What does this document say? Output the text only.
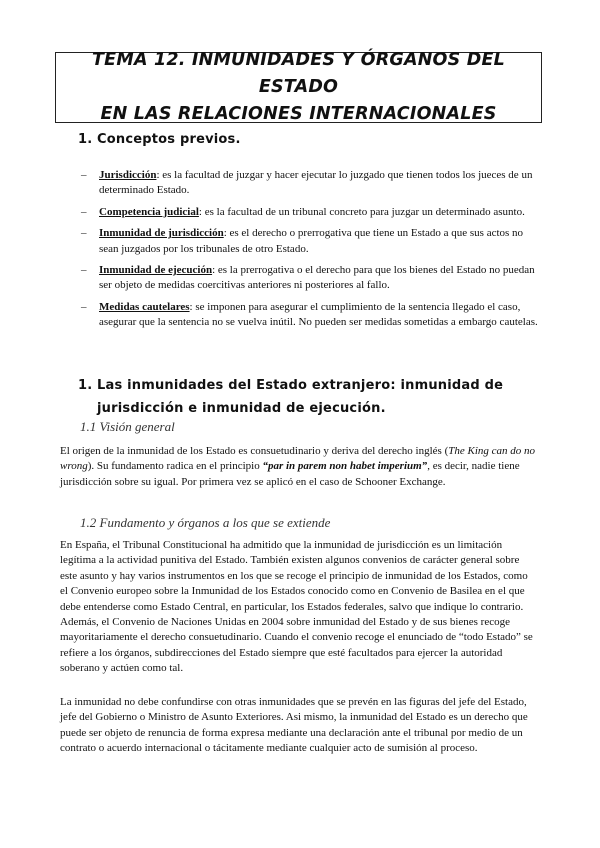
TEMA 12. INMUNIDADES Y ÓRGANOS DEL ESTADO
EN LAS RELACIONES INTERNACIONALES
1. Conceptos previos.
– Jurisdicción: es la facultad de juzgar y hacer ejecutar lo juzgado que tienen todos los jueces de un determinado Estado.
– Competencia judicial: es la facultad de un tribunal concreto para juzgar un determinado asunto.
– Inmunidad de jurisdicción: es el derecho o prerrogativa que tiene un Estado a que sus actos no sean juzgados por los tribunales de otro Estado.
– Inmunidad de ejecución: es la prerrogativa o el derecho para que los bienes del Estado no puedan ser objeto de medidas coercitivas anteriores ni posteriores al fallo.
– Medidas cautelares: se imponen para asegurar el cumplimiento de la sentencia llegado el caso, asegurar que la sentencia no se vuelva inútil. No pueden ser medidas sometidas a embargo cautelas.
1. Las inmunidades del Estado extranjero: inmunidad de
jurisdicción e inmunidad de ejecución.
1.1 Visión general

El origen de la inmunidad de los Estado es consuetudinario y deriva del derecho inglés (The King can do no wrong). Su fundamento radica en el principio “par in parem non habet imperium”, es decir, nadie tiene jurisdicción sobre su igual. Por primera vez se aplicó en el caso de Schooner Exchange.

1.2 Fundamento y órganos a los que se extiende

En España, el Tribunal Constitucional ha admitido que la inmunidad de jurisdicción es un limitación legítima a la actividad punitiva del Estado. También existen algunos convenios de carácter general sobre este asunto y hay varios instrumentos en los que se recoge el principio de inmunidad de los Estados, como el Convenio europeo sobre la Inmunidad de los Estados conocido como en Convenio de Basilea en el que debe entenderse como Estado Central, en particular, los Estados federales, salvo que indique lo contrario. Además, el Convenio de Naciones Unidas en 2004 sobre inmunidad del Estado y de sus bienes recoge mayoritariamente el derecho consuetudinario. Cuando el convenio recoge el enunciado de “todo Estado” se refiere a los órganos, subdirecciones del Estado siempre que esté facultados para ejercer la autoridad soberano y actúen como tal.

La inmunidad no debe confundirse con otras inmunidades que se prevén en las figuras del jefe del Estado, jefe del Gobierno o Ministro de Asunto Exteriores. Asi mismo, la inmunidad del Estado es un derecho que puede ser objeto de renuncia de forma expresa mediante una declaración ante el tribunal por medio de un contrato o acuerdo internacional o tácitamente mediante cualquier acto de sumisión al proceso.
